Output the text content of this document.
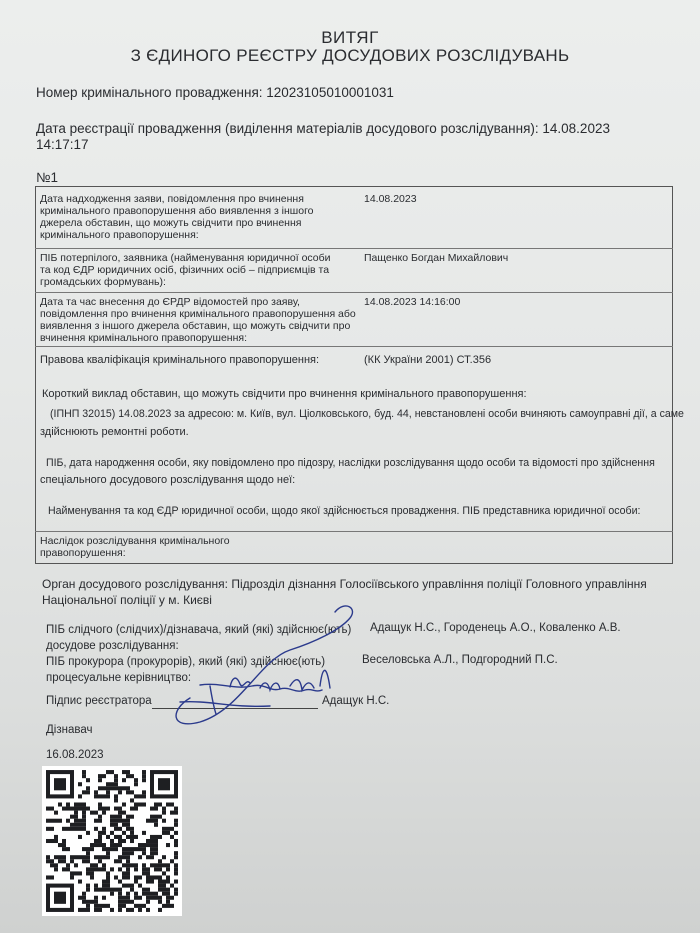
ВИТЯГ
З ЄДИНОГО РЕЄСТРУ ДОСУДОВИХ РОЗСЛІДУВАНЬ
Номер кримінального провадження: 12023105010001031
Дата реєстрації провадження (виділення матеріалів досудового розслідування): 14.08.2023
14:17:17
№1
Дата надходження заяви, повідомлення про вчинення
кримінального правопорушення або виявлення з іншого
джерела обставин, що можуть свідчити про вчинення
кримінального правопорушення:
14.08.2023
ПІБ потерпілого, заявника (найменування юридичної особи
та код ЄДР юридичних осіб, фізичних осіб – підприємців та
громадських формувань):
Пащенко Богдан Михайлович
Дата та час внесення до ЄРДР відомостей про заяву,
повідомлення про вчинення кримінального правопорушення або
виявлення з іншого джерела обставин, що можуть свідчити про
вчинення кримінального правопорушення:
14.08.2023 14:16:00
Правова кваліфікація кримінального правопорушення:	(КК України 2001) СТ.356
Короткий виклад обставин, що можуть свідчити про вчинення кримінального правопорушення:
(ІПНП 32015) 14.08.2023 за адресою: м. Київ, вул. Ціолковського, буд. 44, невстановлені особи вчиняють самоуправні дії, а саме
здійснюють ремонтні роботи.
ПІБ, дата народження особи, яку повідомлено про підозру, наслідки розслідування щодо особи та відомості про здійснення
спеціального досудового розслідування щодо неї:
Найменування та код ЄДР юридичної особи, щодо якої здійснюється провадження. ПІБ представника юридичної особи:
Наслідок розслідування кримінального
правопорушення:
Орган досудового розслідування: Підрозділ дізнання Голосіївського управління поліції Головного управління
Національної поліції у м. Києві
ПІБ слідчого (слідчих)/дізнавача, який (які) здійснює(ють)
досудове розслідування:
Адащук Н.С., Городенець А.О., Коваленко А.В.
ПІБ прокурора (прокурорів), який (які) здійснює(ють)
процесуальне керівництво:
Веселовська А.Л., Подгородний П.С.
Підпис реєстратора	Адащук Н.С.
Дізнавач
16.08.2023
